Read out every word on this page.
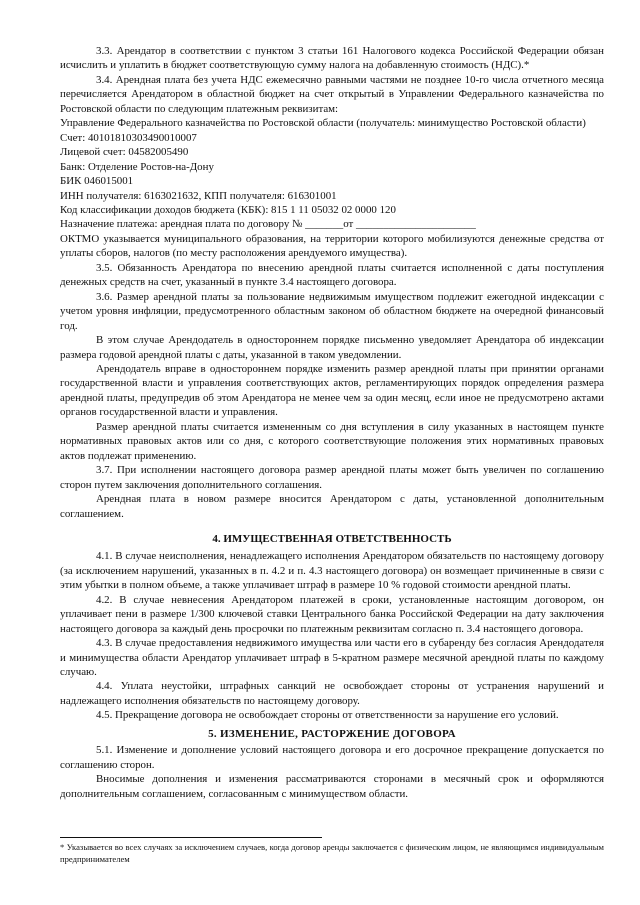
3.3. Арендатор в соответствии с пунктом 3 статьи 161 Налогового кодекса Российской Федерации обязан исчислить и уплатить в бюджет соответствующую сумму налога на добавленную стоимость (НДС).*

3.4. Арендная плата без учета НДС ежемесячно равными частями не позднее 10-го числа отчетного месяца перечисляется Арендатором в областной бюджет на счет открытый в Управлении Федерального казначейства по Ростовской области по следующим платежным реквизитам:

Управление Федерального казначейства по Ростовской области (получатель: минимущество Ростовской области)

Счет: 40101810303490010007

Лицевой счет: 04582005490

Банк: Отделение Ростов-на-Дону

БИК 046015001

ИНН получателя: 6163021632, КПП получателя: 616301001

Код классификации доходов бюджета (КБК): 815 1 11 05032 02 0000 120

Назначение платежа: арендная плата по договору № _______от ______________________

ОКТМО указывается муниципального образования, на территории которого мобилизуются денежные средства от уплаты сборов, налогов (по месту расположения арендуемого имущества).

3.5. Обязанность Арендатора по внесению арендной платы считается исполненной с даты поступления денежных средств на счет, указанный в пункте 3.4 настоящего договора.

3.6. Размер арендной платы за пользование недвижимым имуществом подлежит ежегодной индексации с учетом уровня инфляции, предусмотренного областным законом об областном бюджете на очередной финансовый год.

В этом случае Арендодатель в одностороннем порядке письменно уведомляет Арендатора об индексации размера годовой арендной платы с даты, указанной в таком уведомлении.

Арендодатель вправе в одностороннем порядке изменить размер арендной платы при принятии органами государственной власти и управления соответствующих актов, регламентирующих порядок определения размера арендной платы, предупредив об этом Арендатора не менее чем за один месяц, если иное не предусмотрено актами органов государственной власти и управления.

Размер арендной платы считается измененным со дня вступления в силу указанных в настоящем пункте нормативных правовых актов или со дня, с которого соответствующие положения этих нормативных правовых актов подлежат применению.

3.7. При исполнении настоящего договора размер арендной платы может быть увеличен по соглашению сторон путем заключения дополнительного соглашения.

Арендная плата в новом размере вносится Арендатором с даты, установленной дополнительным соглашением.

4. ИМУЩЕСТВЕННАЯ ОТВЕТСТВЕННОСТЬ

4.1. В случае неисполнения, ненадлежащего исполнения Арендатором обязательств по настоящему договору (за исключением нарушений, указанных в п. 4.2 и п. 4.3 настоящего договора) он возмещает причиненные в связи с этим убытки в полном объеме, а также уплачивает штраф в размере 10 % годовой стоимости арендной платы.

4.2. В случае невнесения Арендатором платежей в сроки, установленные настоящим договором, он уплачивает пени в размере 1/300 ключевой ставки Центрального банка Российской Федерации на дату заключения настоящего договора за каждый день просрочки по платежным реквизитам согласно п. 3.4 настоящего договора.

4.3. В случае предоставления недвижимого имущества или части его в субаренду без согласия Арендодателя и минимущества области Арендатор уплачивает штраф в 5-кратном размере месячной арендной платы по каждому случаю.

4.4. Уплата неустойки, штрафных санкций не освобождает стороны от устранения нарушений и надлежащего исполнения обязательств по настоящему договору.

4.5. Прекращение договора не освобождает стороны от ответственности за нарушение его условий.

5. ИЗМЕНЕНИЕ, РАСТОРЖЕНИЕ ДОГОВОРА

5.1. Изменение и дополнение условий настоящего договора и его досрочное прекращение допускается по соглашению сторон.

Вносимые дополнения и изменения рассматриваются сторонами в месячный срок и оформляются дополнительным соглашением, согласованным с минимуществом области.

* Указывается во всех случаях за исключением случаев, когда договор аренды заключается с физическим лицом, не являющимся индивидуальным предпринимателем
